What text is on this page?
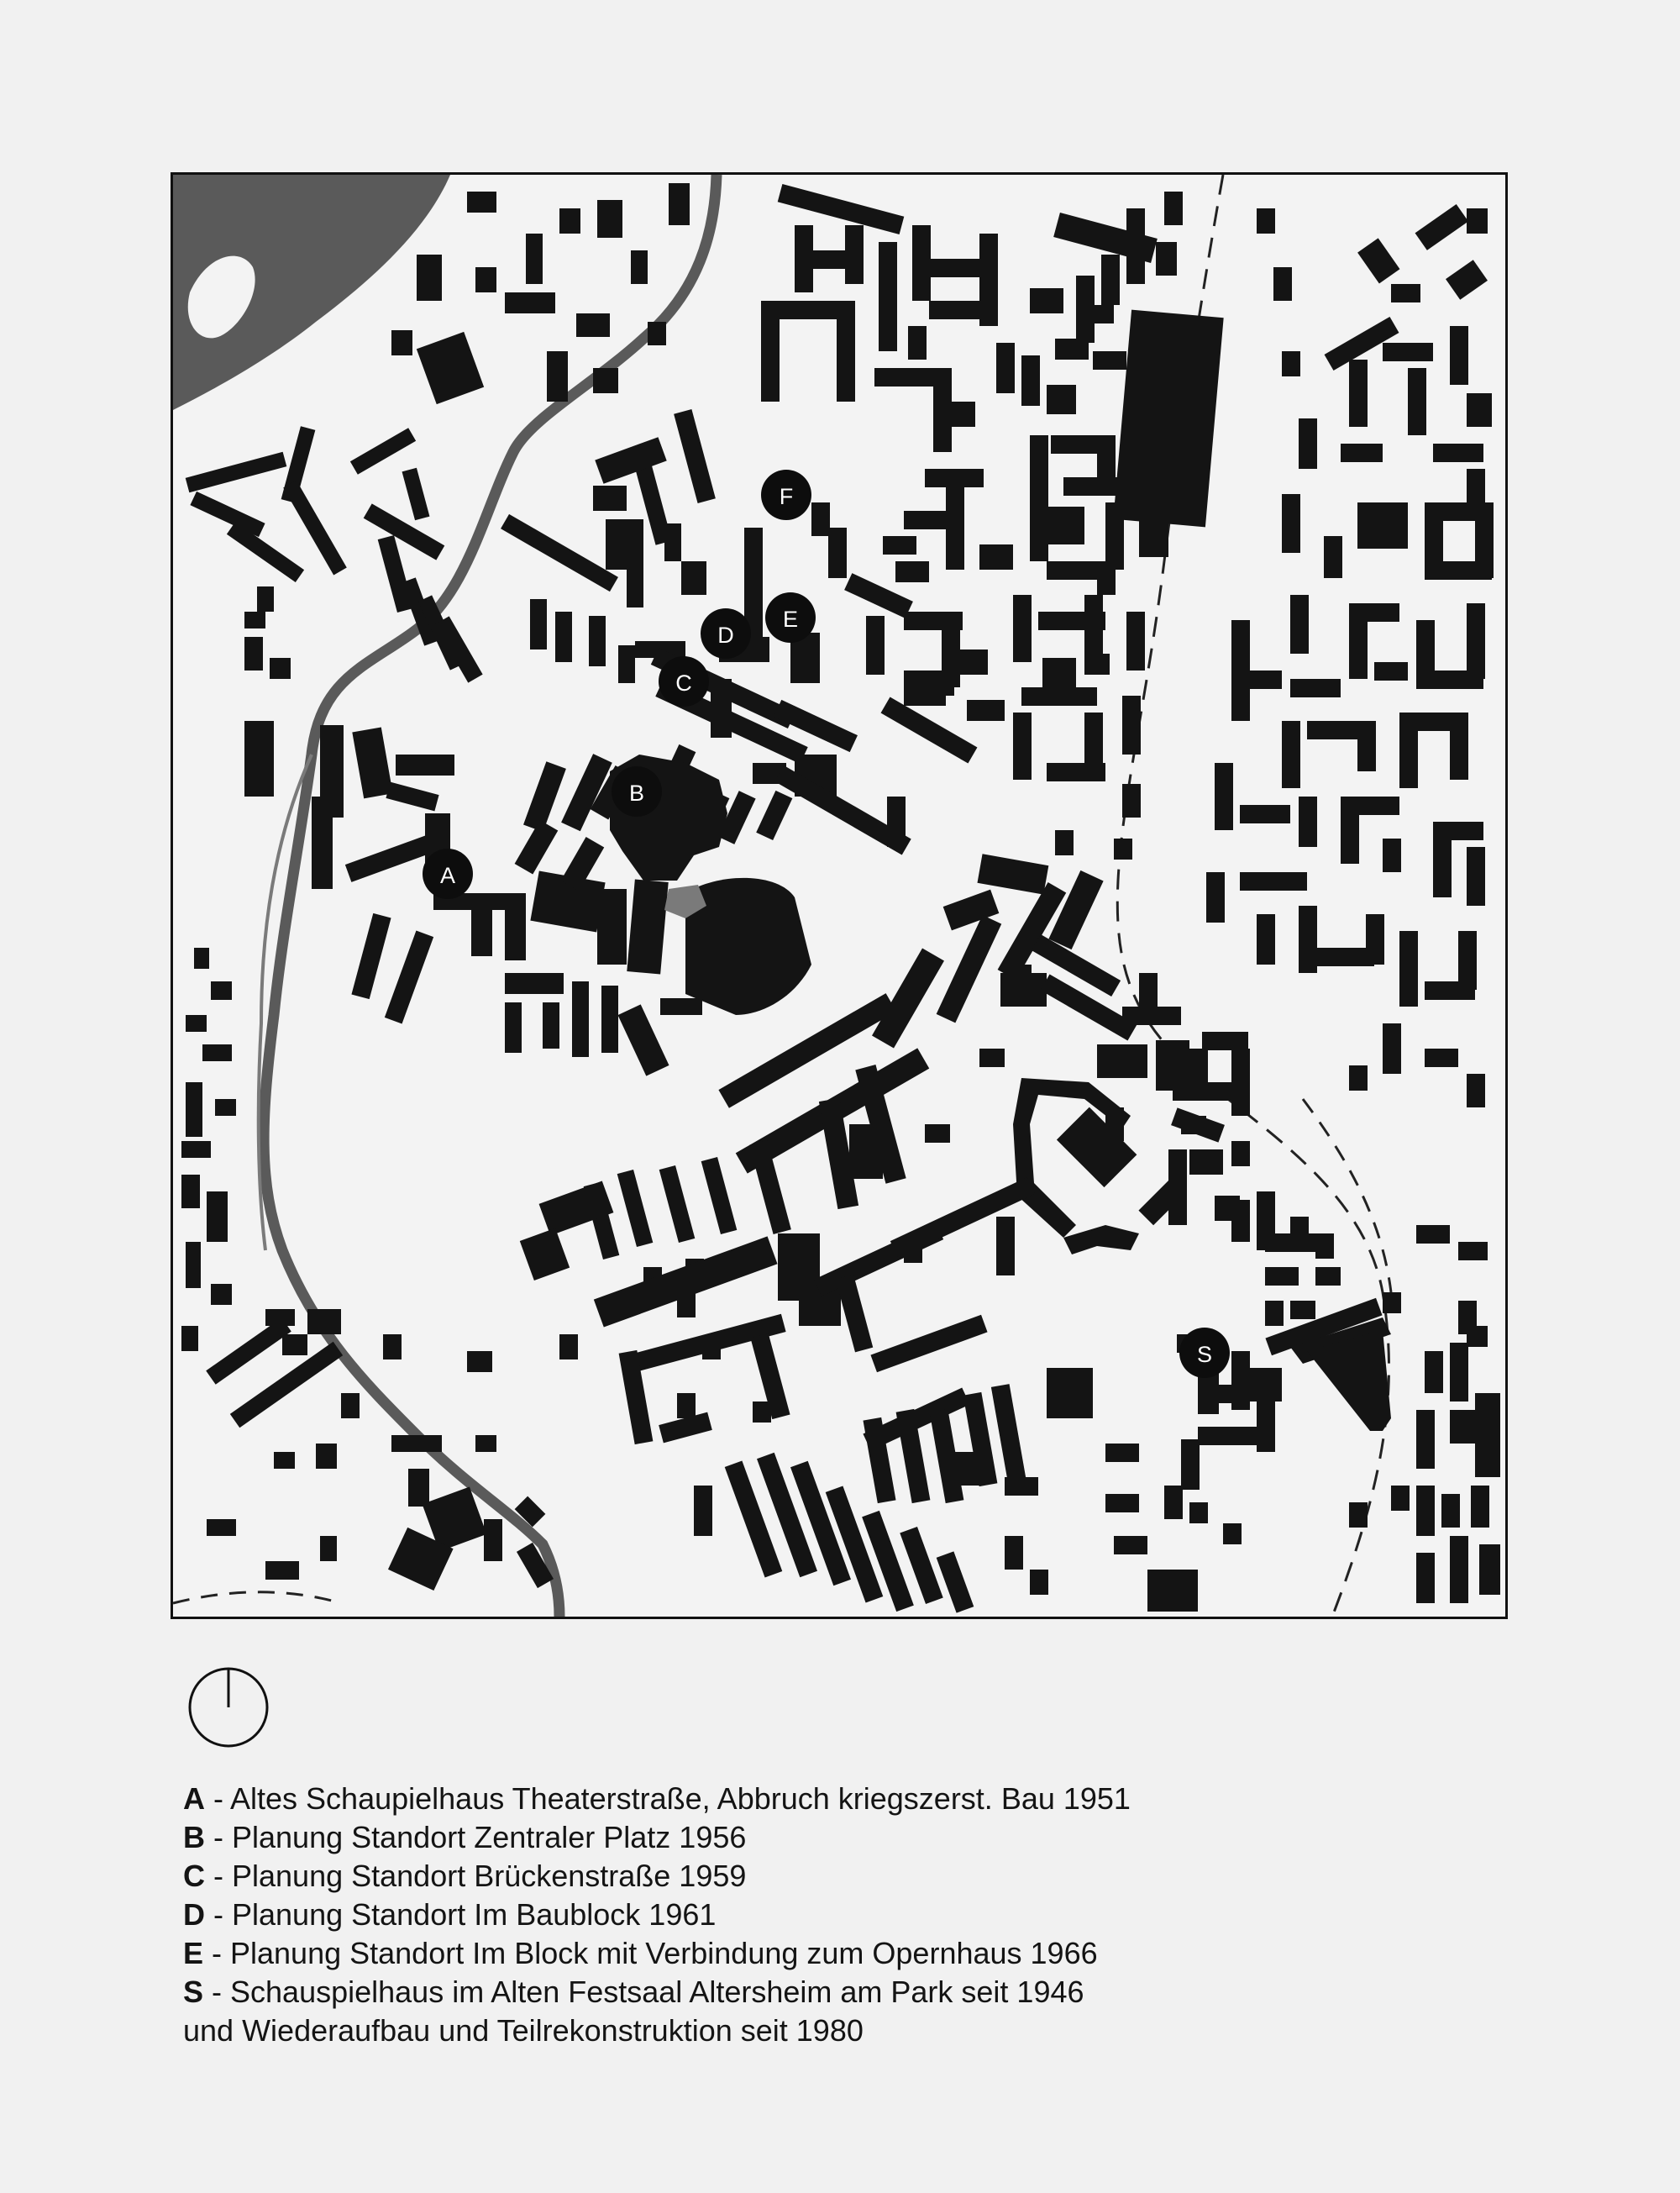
A
B
C
D
E
F
S
A - Altes Schaupielhaus Theaterstraße, Abbruch kriegszerst. Bau 1951
B - Planung Standort Zentraler Platz 1956
C - Planung Standort Brückenstraße 1959
D - Planung Standort Im Baublock 1961
E - Planung Standort Im Block mit Verbindung zum Opernhaus 1966
S - Schauspielhaus im Alten Festsaal Altersheim am Park seit 1946
und Wiederaufbau und Teilrekonstruktion seit 1980
